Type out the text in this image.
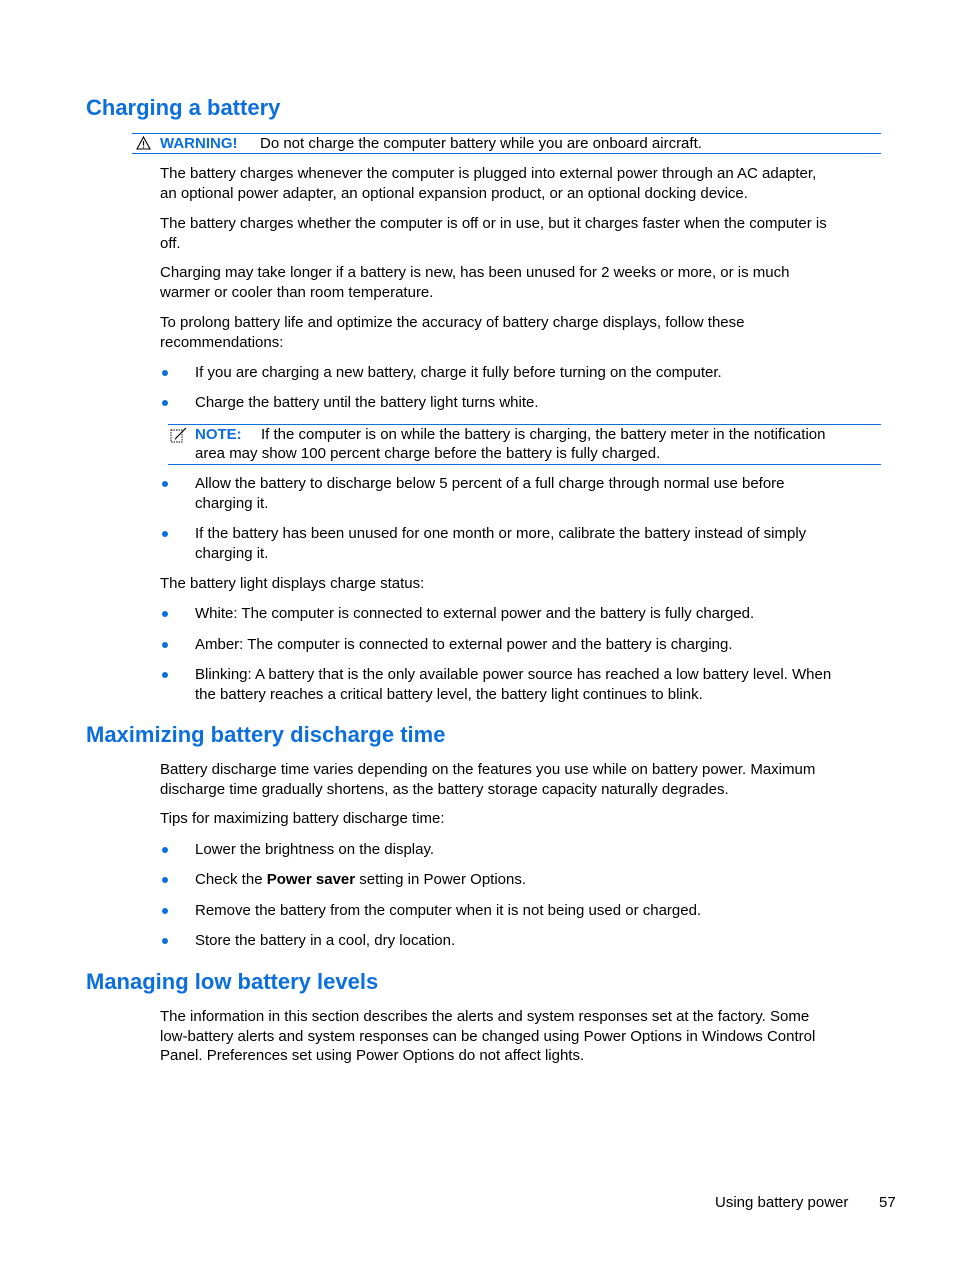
Charging a battery
WARNING! Do not charge the computer battery while you are onboard aircraft.

The battery charges whenever the computer is plugged into external power through an AC adapter,
an optional power adapter, an optional expansion product, or an optional docking device.

The battery charges whether the computer is off or in use, but it charges faster when the computer is
off.

Charging may take longer if a battery is new, has been unused for 2 weeks or more, or is much
warmer or cooler than room temperature.

To prolong battery life and optimize the accuracy of battery charge displays, follow these
recommendations:

If you are charging a new battery, charge it fully before turning on the computer.
Charge the battery until the battery light turns white.
NOTE: If the computer is on while the battery is charging, the battery meter in the notification
area may show 100 percent charge before the battery is fully charged.
Allow the battery to discharge below 5 percent of a full charge through normal use before
charging it.
If the battery has been unused for one month or more, calibrate the battery instead of simply
charging it.

The battery light displays charge status:

White: The computer is connected to external power and the battery is fully charged.
Amber: The computer is connected to external power and the battery is charging.
Blinking: A battery that is the only available power source has reached a low battery level. When
the battery reaches a critical battery level, the battery light continues to blink.
Maximizing battery discharge time

Battery discharge time varies depending on the features you use while on battery power. Maximum
discharge time gradually shortens, as the battery storage capacity naturally degrades.

Tips for maximizing battery discharge time:

Lower the brightness on the display.
Check the Power saver setting in Power Options.
Remove the battery from the computer when it is not being used or charged.
Store the battery in a cool, dry location.
Managing low battery levels

The information in this section describes the alerts and system responses set at the factory. Some
low-battery alerts and system responses can be changed using Power Options in Windows Control
Panel. Preferences set using Power Options do not affect lights.

Using battery power 57
